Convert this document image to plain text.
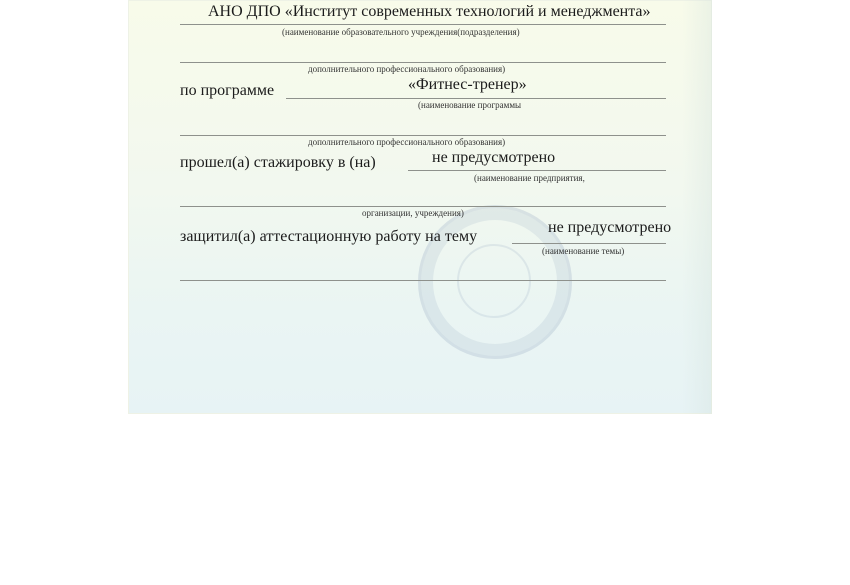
АНО ДПО «Институт современных технологий и менеджмента»
(наименование образовательного учреждения(подразделения)
дополнительного профессионального образования)
по программе	«Фитнес-тренер»
(наименование программы
дополнительного профессионального образования)
прошел(а) стажировку в (на)	не предусмотрено
(наименование предприятия,
организации, учреждения)
защитил(а) аттестационную работу на тему
не предусмотрено
(наименование темы)
